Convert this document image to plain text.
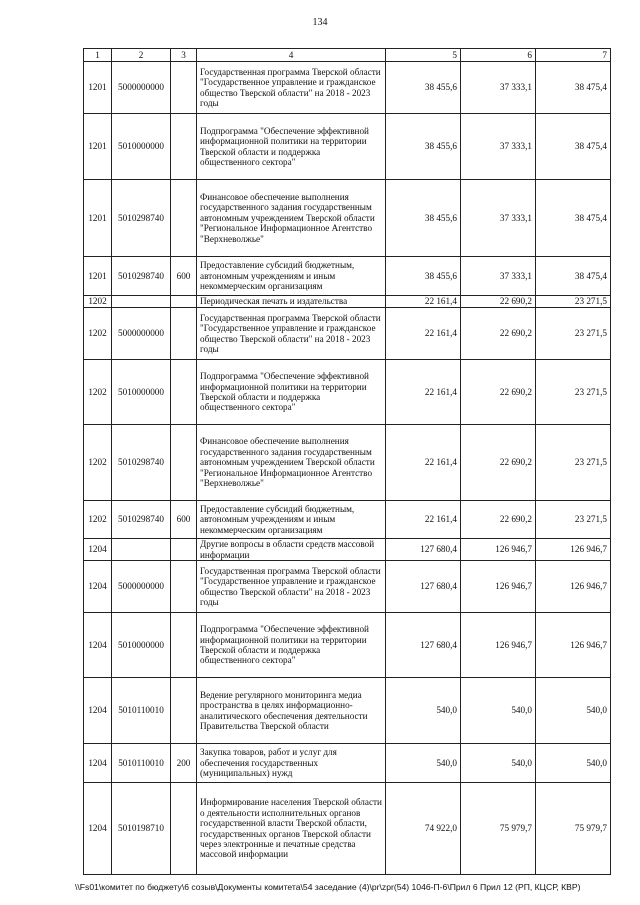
134
1	2	3	4	5	6	7
1201	5000000000		Государственная программа Тверской области "Государственное управление и гражданское общество Тверской области" на 2018 - 2023 годы	38 455,6	37 333,1	38 475,4
1201	5010000000		Подпрограмма "Обеспечение эффективной информационной политики на территории Тверской области и поддержка общественного сектора"	38 455,6	37 333,1	38 475,4
1201	5010298740		Финансовое обеспечение выполнения государственного задания государственным автономным учреждением Тверской области "Региональное Информационное Агентство "Верхневолжье"	38 455,6	37 333,1	38 475,4
1201	5010298740	600	Предоставление субсидий бюджетным, автономным учреждениям и иным некоммерческим организациям	38 455,6	37 333,1	38 475,4
1202			Периодическая печать и издательства	22 161,4	22 690,2	23 271,5
1202	5000000000		Государственная программа Тверской области "Государственное управление и гражданское общество Тверской области" на 2018 - 2023 годы	22 161,4	22 690,2	23 271,5
1202	5010000000		Подпрограмма "Обеспечение эффективной информационной политики на территории Тверской области и поддержка общественного сектора"	22 161,4	22 690,2	23 271,5
1202	5010298740		Финансовое обеспечение выполнения государственного задания государственным автономным учреждением Тверской области "Региональное Информационное Агентство "Верхневолжье"	22 161,4	22 690,2	23 271,5
1202	5010298740	600	Предоставление субсидий бюджетным, автономным учреждениям и иным некоммерческим организациям	22 161,4	22 690,2	23 271,5
1204			Другие вопросы в области средств массовой информации	127 680,4	126 946,7	126 946,7
1204	5000000000		Государственная программа Тверской области "Государственное управление и гражданское общество Тверской области" на 2018 - 2023 годы	127 680,4	126 946,7	126 946,7
1204	5010000000		Подпрограмма "Обеспечение эффективной информационной политики на территории Тверской области и поддержка общественного сектора"	127 680,4	126 946,7	126 946,7
1204	5010110010		Ведение регулярного мониторинга медиа пространства в целях информационно-аналитического обеспечения деятельности Правительства Тверской области	540,0	540,0	540,0
1204	5010110010	200	Закупка товаров, работ и услуг для обеспечения государственных (муниципальных) нужд	540,0	540,0	540,0
1204	5010198710		Информирование населения Тверской области о деятельности исполнительных органов государственной власти Тверской области, государственных органов Тверской области через электронные и печатные средства массовой информации	74 922,0	75 979,7	75 979,7
\\Fs01\комитет по бюджету\6 созыв\Документы комитета\54 заседание (4)\pr\zpr(54) 1046-П-6\Прил 6 Прил 12 (РП, КЦСР, КВР)
